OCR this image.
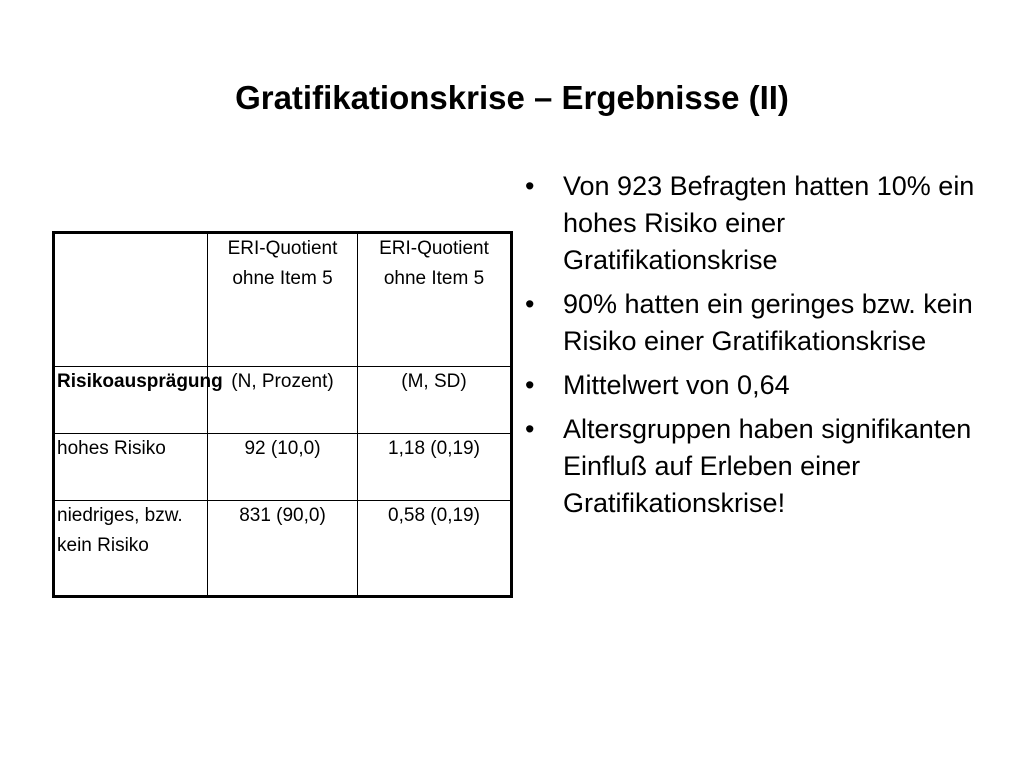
Gratifikationskrise – Ergebnisse (II)
	ERI-Quotient ohne Item 5	ERI-Quotient ohne Item 5
Risikoausprägung	(N, Prozent)	(M, SD)
hohes Risiko	92 (10,0)	1,18 (0,19)
niedriges, bzw. kein Risiko	831 (90,0)	0,58 (0,19)
• Von 923 Befragten hatten 10% ein hohes Risiko einer Gratifikationskrise
• 90% hatten ein geringes bzw. kein Risiko einer Gratifikationskrise
• Mittelwert von 0,64
• Altersgruppen haben signifikanten Einfluß auf Erleben einer Gratifikationskrise!
